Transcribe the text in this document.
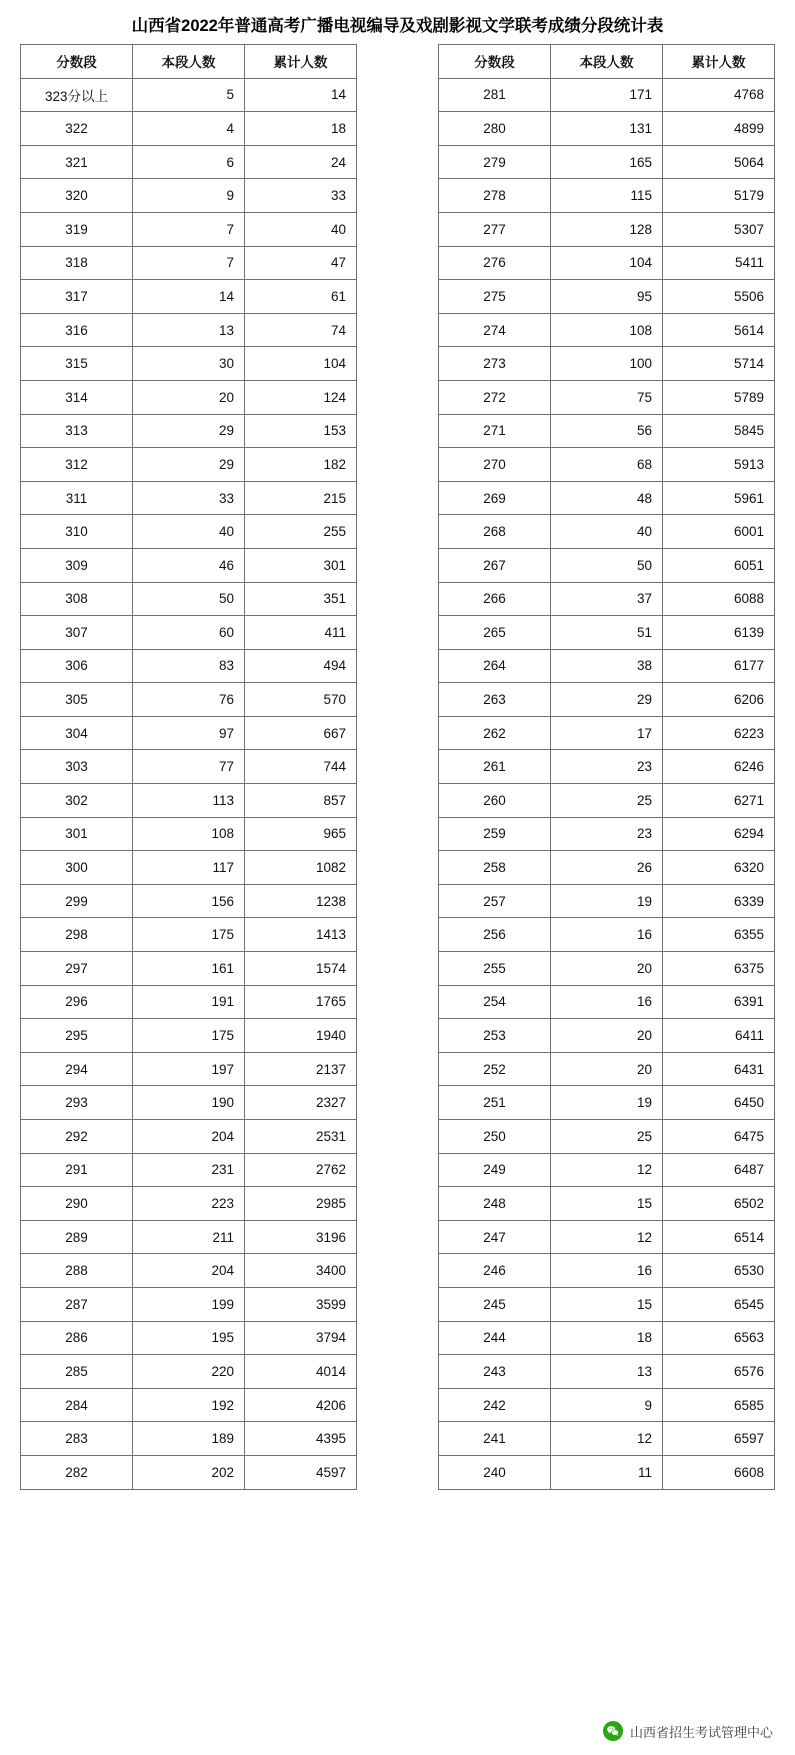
山西省2022年普通高考广播电视编导及戏剧影视文学联考成绩分段统计表
分数段	本段人数	累计人数
323分以上	5	14
322	4	18
321	6	24
320	9	33
319	7	40
318	7	47
317	14	61
316	13	74
315	30	104
314	20	124
313	29	153
312	29	182
311	33	215
310	40	255
309	46	301
308	50	351
307	60	411
306	83	494
305	76	570
304	97	667
303	77	744
302	113	857
301	108	965
300	117	1082
299	156	1238
298	175	1413
297	161	1574
296	191	1765
295	175	1940
294	197	2137
293	190	2327
292	204	2531
291	231	2762
290	223	2985
289	211	3196
288	204	3400
287	199	3599
286	195	3794
285	220	4014
284	192	4206
283	189	4395
282	202	4597
分数段	本段人数	累计人数
281	171	4768
280	131	4899
279	165	5064
278	115	5179
277	128	5307
276	104	5411
275	95	5506
274	108	5614
273	100	5714
272	75	5789
271	56	5845
270	68	5913
269	48	5961
268	40	6001
267	50	6051
266	37	6088
265	51	6139
264	38	6177
263	29	6206
262	17	6223
261	23	6246
260	25	6271
259	23	6294
258	26	6320
257	19	6339
256	16	6355
255	20	6375
254	16	6391
253	20	6411
252	20	6431
251	19	6450
250	25	6475
249	12	6487
248	15	6502
247	12	6514
246	16	6530
245	15	6545
244	18	6563
243	13	6576
242	9	6585
241	12	6597
240	11	6608
山西省招生考试管理中心
